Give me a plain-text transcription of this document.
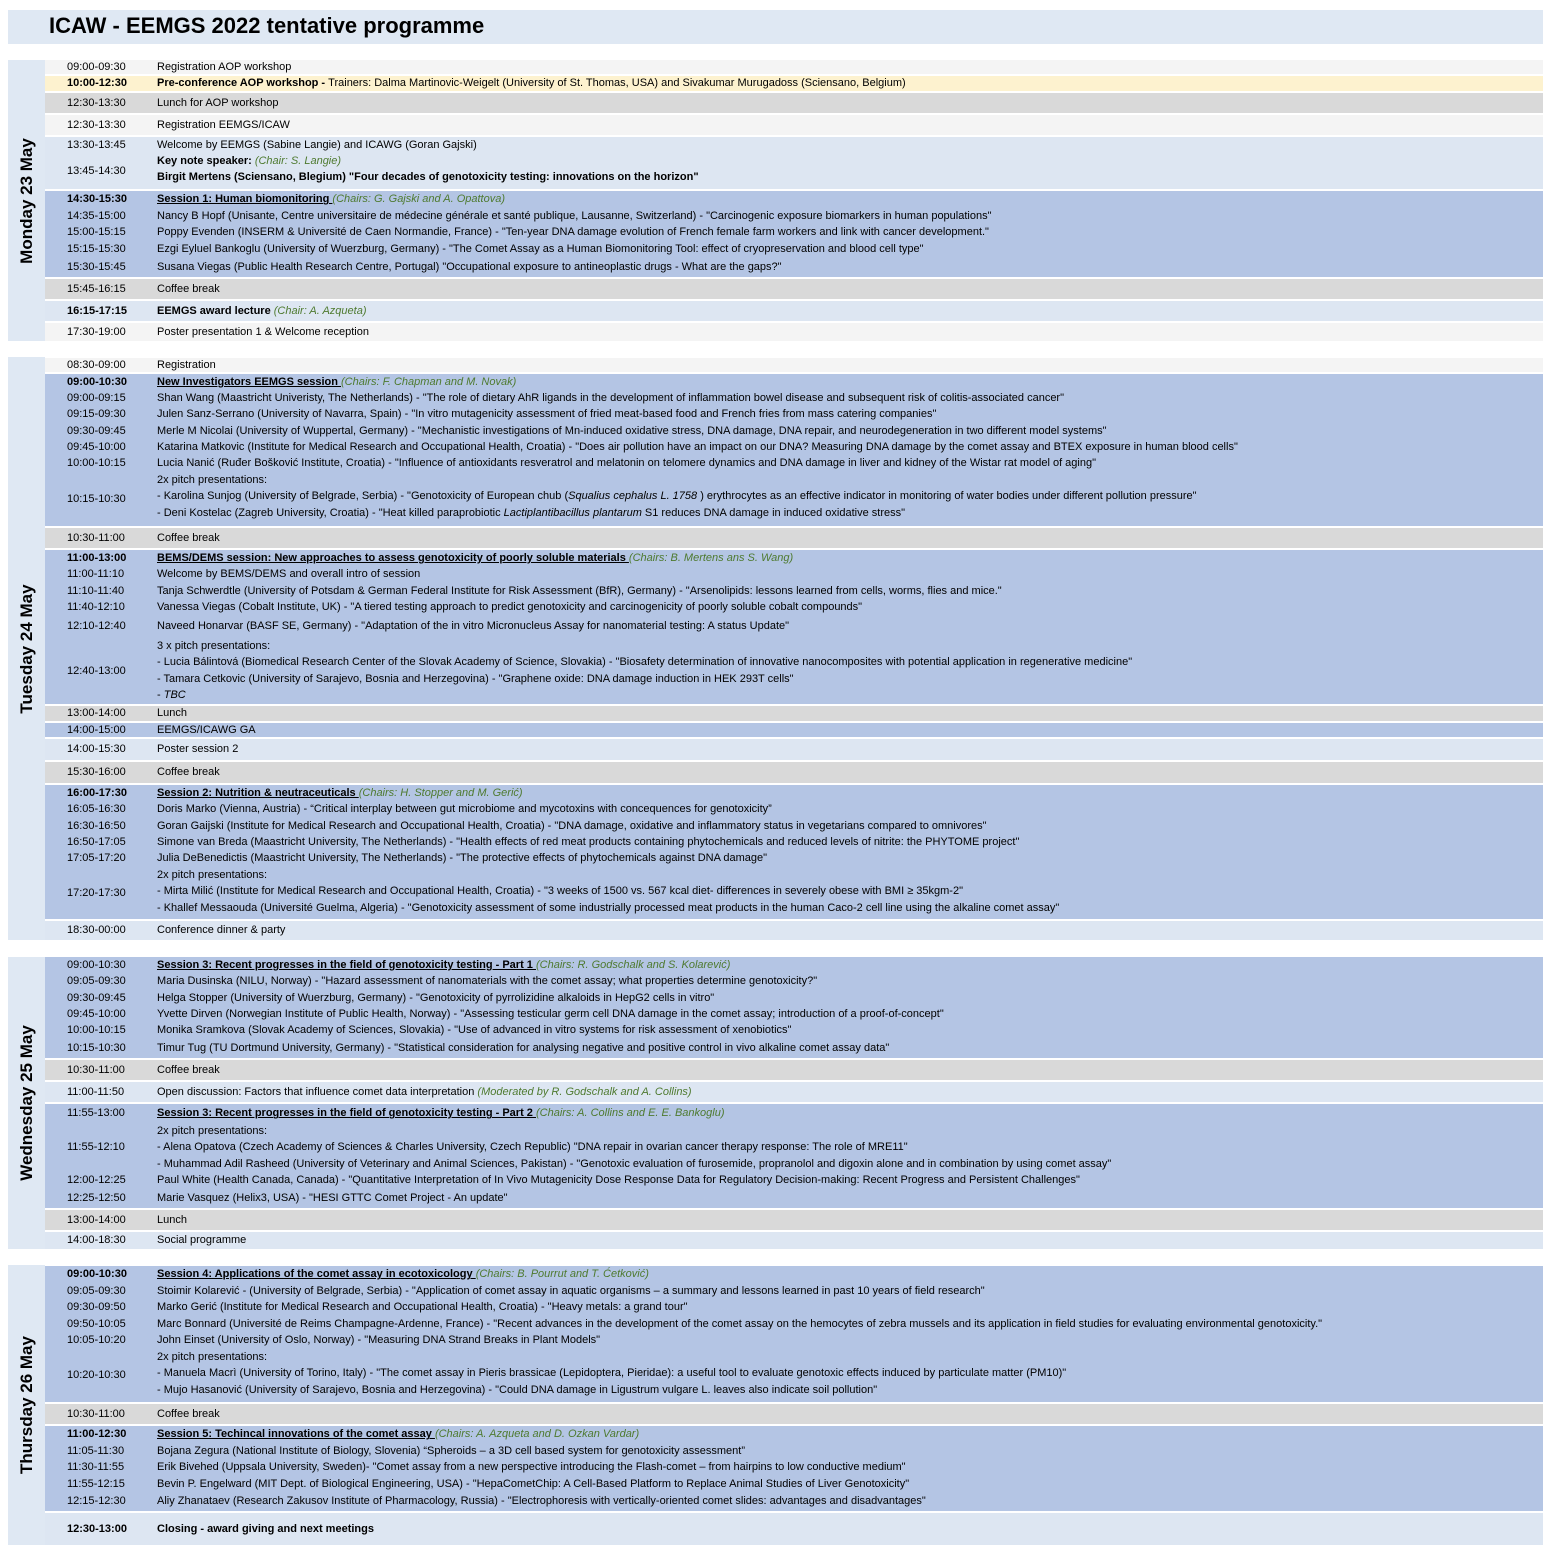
ICAW - EEMGS 2022 tentative programme
Monday 23 May
09:00-09:30	Registration AOP workshop
10:00-12:30	Pre-conference AOP workshop - Trainers: Dalma Martinovic-Weigelt (University of St. Thomas, USA) and Sivakumar Murugadoss (Sciensano, Belgium)
12:30-13:30	Lunch for AOP workshop
12:30-13:30	Registration EEMGS/ICAW
13:30-13:45	Welcome by EEMGS (Sabine Langie) and ICAWG (Goran Gajski)
13:45-14:30
Key note speaker: (Chair: S. Langie)
Birgit Mertens (Sciensano, Blegium) "Four decades of genotoxicity testing: innovations on the horizon"
14:30-15:30	Session 1: Human biomonitoring (Chairs: G. Gajski and A. Opattova)
14:35-15:00	Nancy B Hopf (Unisante, Centre universitaire de médecine générale et santé publique, Lausanne, Switzerland) - "Carcinogenic exposure biomarkers in human populations"
15:00-15:15	Poppy Evenden (INSERM & Université de Caen Normandie, France) - "Ten-year DNA damage evolution of French female farm workers and link with cancer development."
15:15-15:30	Ezgi Eyluel Bankoglu (University of Wuerzburg, Germany) - "The Comet Assay as a Human Biomonitoring Tool: effect of cryopreservation and blood cell type"
15:30-15:45	Susana Viegas (Public Health Research Centre, Portugal) "Occupational exposure to antineoplastic drugs - What are the gaps?"
15:45-16:15	Coffee break
16:15-17:15	EEMGS award lecture (Chair: A. Azqueta)
17:30-19:00	Poster presentation 1 & Welcome reception
Tuesday 24 May
08:30-09:00	Registration
09:00-10:30	New Investigators EEMGS session (Chairs: F. Chapman and M. Novak)
09:00-09:15	Shan Wang (Maastricht Univeristy, The Netherlands) - "The role of dietary AhR ligands in the development of inflammation bowel disease and subsequent risk of colitis-associated cancer"
09:15-09:30	Julen Sanz-Serrano (University of Navarra, Spain) - "In vitro mutagenicity assessment of fried meat-based food and French fries from mass catering companies"
09:30-09:45	Merle M Nicolai (University of Wuppertal, Germany) - "Mechanistic investigations of Mn-induced oxidative stress, DNA damage, DNA repair, and neurodegeneration in two different model systems"
09:45-10:00	Katarina Matkovic (Institute for Medical Research and Occupational Health, Croatia) - "Does air pollution have an impact on our DNA? Measuring DNA damage by the comet assay and BTEX exposure in human blood cells"
10:00-10:15	Lucia Nanić (Ruđer Bošković Institute, Croatia) - "Influence of antioxidants resveratrol and melatonin on telomere dynamics and DNA damage in liver and kidney of the Wistar rat model of aging"
10:15-10:30
2x pitch presentations:
- Karolina Sunjog (University of Belgrade, Serbia) - "Genotoxicity of European chub (Squalius cephalus L. 1758 ) erythrocytes as an effective indicator in monitoring of water bodies under different pollution pressure"
- Deni Kostelac (Zagreb University, Croatia) - "Heat killed paraprobiotic Lactiplantibacillus plantarum S1 reduces DNA damage in induced oxidative stress"
10:30-11:00	Coffee break
11:00-13:00	BEMS/DEMS session: New approaches to assess genotoxicity of poorly soluble materials (Chairs: B. Mertens ans S. Wang)
11:00-11:10	Welcome by BEMS/DEMS and overall intro of session
11:10-11:40	Tanja Schwerdtle (University of Potsdam & German Federal Institute for Risk Assessment (BfR), Germany) - "Arsenolipids: lessons learned from cells, worms, flies and mice."
11:40-12:10	Vanessa Viegas (Cobalt Institute, UK) - "A tiered testing approach to predict genotoxicity and carcinogenicity of poorly soluble cobalt compounds"
12:10-12:40	Naveed Honarvar (BASF SE, Germany) - "Adaptation of the in vitro Micronucleus Assay for nanomaterial testing: A status Update"
12:40-13:00
3 x pitch presentations:
- Lucia Bálintová (Biomedical Research Center of the Slovak Academy of Science, Slovakia) - "Biosafety determination of innovative nanocomposites with potential application in regenerative medicine"
- Tamara Cetkovic (University of Sarajevo, Bosnia and Herzegovina) - "Graphene oxide: DNA damage induction in HEK 293T cells"
- TBC
13:00-14:00	Lunch
14:00-15:00	EEMGS/ICAWG GA
14:00-15:30	Poster session 2
15:30-16:00	Coffee break
16:00-17:30	Session 2: Nutrition & neutraceuticals (Chairs: H. Stopper and M. Gerić)
16:05-16:30	Doris Marko (Vienna, Austria) - “Critical interplay between gut microbiome and mycotoxins with concequences for genotoxicity”
16:30-16:50	Goran Gaijski (Institute for Medical Research and Occupational Health, Croatia) - "DNA damage, oxidative and inflammatory status in vegetarians compared to omnivores"
16:50-17:05	Simone van Breda (Maastricht University, The Netherlands) - "Health effects of red meat products containing phytochemicals and reduced levels of nitrite: the PHYTOME project"
17:05-17:20	Julia DeBenedictis (Maastricht University, The Netherlands) - "The protective effects of phytochemicals against DNA damage"
17:20-17:30
2x pitch presentations:
- Mirta Milić (Institute for Medical Research and Occupational Health, Croatia) - "3 weeks of 1500 vs. 567 kcal diet- differences in severely obese with BMI ≥ 35kgm-2"
- Khallef Messaouda (Université Guelma, Algeria) - "Genotoxicity assessment of some industrially processed meat products in the human Caco-2 cell line using the alkaline comet assay"
18:30-00:00	Conference dinner & party
Wednesday 25 May
09:00-10:30	Session 3: Recent progresses in the field of genotoxicity testing - Part 1 (Chairs: R. Godschalk and S. Kolarević)
09:05-09:30	Maria Dusinska (NILU, Norway) - "Hazard assessment of nanomaterials with the comet assay; what properties determine genotoxicity?"
09:30-09:45	Helga Stopper (University of Wuerzburg, Germany) - "Genotoxicity of pyrrolizidine alkaloids in HepG2 cells in vitro"
09:45-10:00	Yvette Dirven (Norwegian Institute of Public Health, Norway) - "Assessing testicular germ cell DNA damage in the comet assay; introduction of a proof-of-concept"
10:00-10:15	Monika Sramkova (Slovak Academy of Sciences, Slovakia) - "Use of advanced in vitro systems for risk assessment of xenobiotics"
10:15-10:30	Timur Tug (TU Dortmund University, Germany) - "Statistical consideration for analysing negative and positive control in vivo alkaline comet assay data"
10:30-11:00	Coffee break
11:00-11:50	Open discussion: Factors that influence comet data interpretation (Moderated by R. Godschalk and A. Collins)
11:55-13:00	Session 3: Recent progresses in the field of genotoxicity testing - Part 2 (Chairs: A. Collins and E. E. Bankoglu)
11:55-12:10
2x pitch presentations:
- Alena Opatova (Czech Academy of Sciences & Charles University, Czech Republic) "DNA repair in ovarian cancer therapy response: The role of MRE11"
- Muhammad Adil Rasheed (University of Veterinary and Animal Sciences, Pakistan) - "Genotoxic evaluation of furosemide, propranolol and digoxin alone and in combination by using comet assay"
12:00-12:25	Paul White (Health Canada, Canada) - "Quantitative Interpretation of In Vivo Mutagenicity Dose Response Data for Regulatory Decision-making: Recent Progress and Persistent Challenges"
12:25-12:50	Marie Vasquez (Helix3, USA) - "HESI GTTC Comet Project - An update"
13:00-14:00	Lunch
14:00-18:30	Social programme
Thursday 26 May
09:00-10:30	Session 4: Applications of the comet assay in ecotoxicology (Chairs: B. Pourrut and T. Ćetković)
09:05-09:30	Stoimir Kolarević - (University of Belgrade, Serbia) - "Application of comet assay in aquatic organisms – a summary and lessons learned in past 10 years of field research"
09:30-09:50	Marko Gerić (Institute for Medical Research and Occupational Health, Croatia) - "Heavy metals: a grand tour"
09:50-10:05	Marc Bonnard (Université de Reims Champagne-Ardenne, France) - "Recent advances in the development of the comet assay on the hemocytes of zebra mussels and its application in field studies for evaluating environmental genotoxicity."
10:05-10:20	John Einset (University of Oslo, Norway) - "Measuring DNA Strand Breaks in Plant Models"
10:20-10:30
2x pitch presentations:
- Manuela Macrì (University of Torino, Italy) - "The comet assay in Pieris brassicae (Lepidoptera, Pieridae): a useful tool to evaluate genotoxic effects induced by particulate matter (PM10)"
- Mujo Hasanović (University of Sarajevo, Bosnia and Herzegovina) - "Could DNA damage in Ligustrum vulgare L. leaves also indicate soil pollution"
10:30-11:00	Coffee break
11:00-12:30	Session 5: Techincal innovations of the comet assay (Chairs: A. Azqueta and D. Ozkan Vardar)
11:05-11:30	Bojana Zegura (National Institute of Biology, Slovenia) “Spheroids – a 3D cell based system for genotoxicity assessment”
11:30-11:55	Erik Bivehed (Uppsala University, Sweden)- "Comet assay from a new perspective introducing the Flash-comet – from hairpins to low conductive medium"
11:55-12:15	Bevin P. Engelward (MIT Dept. of Biological Engineering, USA) - "HepaCometChip: A Cell-Based Platform to Replace Animal Studies of Liver Genotoxicity"
12:15-12:30	Aliy Zhanataev (Research Zakusov Institute of Pharmacology, Russia) - "Electrophoresis with vertically-oriented comet slides: advantages and disadvantages"
12:30-13:00	Closing - award giving and next meetings
